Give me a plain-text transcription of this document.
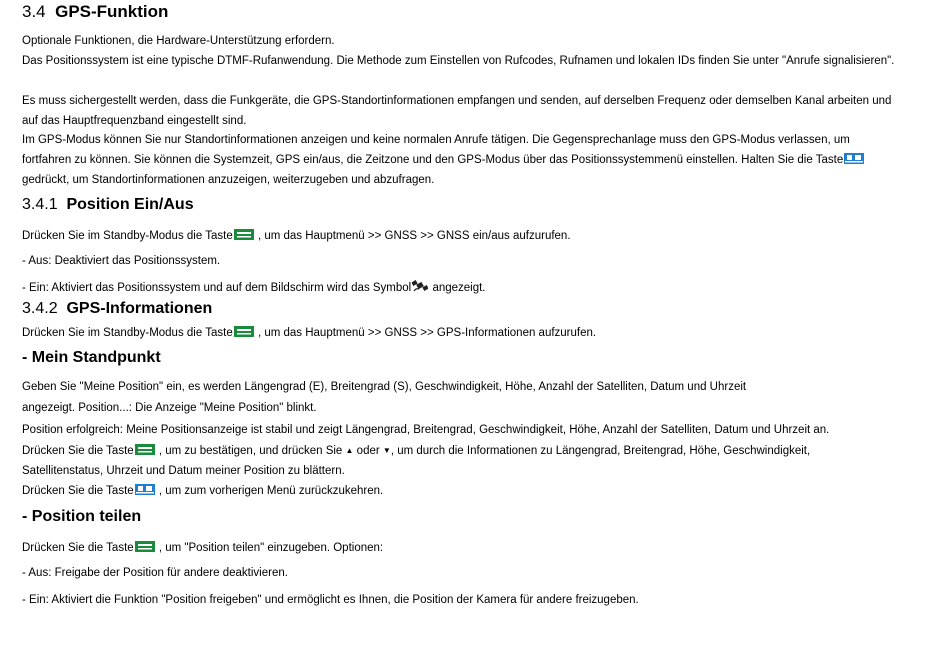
3.4 GPS-Funktion
Optionale Funktionen, die Hardware-Unterstützung erfordern.
Das Positionssystem ist eine typische DTMF-Rufanwendung. Die Methode zum Einstellen von Rufcodes, Rufnamen und lokalen IDs finden Sie unter "Anrufe signalisieren".
Es muss sichergestellt werden, dass die Funkgeräte, die GPS-Standortinformationen empfangen und senden, auf derselben Frequenz oder demselben Kanal arbeiten und auf das Hauptfrequenzband eingestellt sind.
Im GPS-Modus können Sie nur Standortinformationen anzeigen und keine normalen Anrufe tätigen. Die Gegensprechanlage muss den GPS-Modus verlassen, um fortfahren zu können. Sie können die Systemzeit, GPS ein/aus, die Zeitzone und den GPS-Modus über das Positionssystemmenü einstellen. Halten Sie die Taste
gedrückt, um Standortinformationen anzuzeigen, weiterzugeben und abzufragen.
3.4.1 Position Ein/Aus
Drücken Sie im Standby-Modus die Taste , um das Hauptmenü >> GNSS >> GNSS ein/aus aufzurufen.
- Aus: Deaktiviert das Positionssystem.
- Ein: Aktiviert das Positionssystem und auf dem Bildschirm wird das Symbol angezeigt.
3.4.2 GPS-Informationen
Drücken Sie im Standby-Modus die Taste , um das Hauptmenü >> GNSS >> GPS-Informationen aufzurufen.
- Mein Standpunkt
Geben Sie "Meine Position" ein, es werden Längengrad (E), Breitengrad (S), Geschwindigkeit, Höhe, Anzahl der Satelliten, Datum und Uhrzeit
angezeigt. Position...: Die Anzeige "Meine Position" blinkt.
Position erfolgreich: Meine Positionsanzeige ist stabil und zeigt Längengrad, Breitengrad, Geschwindigkeit, Höhe, Anzahl der Satelliten, Datum und Uhrzeit an.
Drücken Sie die Taste , um zu bestätigen, und drücken Sie ▲ oder ▼, um durch die Informationen zu Längengrad, Breitengrad, Höhe, Geschwindigkeit,
Satellitenstatus, Uhrzeit und Datum meiner Position zu blättern.
Drücken Sie die Taste , um zum vorherigen Menü zurückzukehren.
- Position teilen
Drücken Sie die Taste , um "Position teilen" einzugeben. Optionen:
- Aus: Freigabe der Position für andere deaktivieren.
- Ein: Aktiviert die Funktion "Position freigeben" und ermöglicht es Ihnen, die Position der Kamera für andere freizugeben.
